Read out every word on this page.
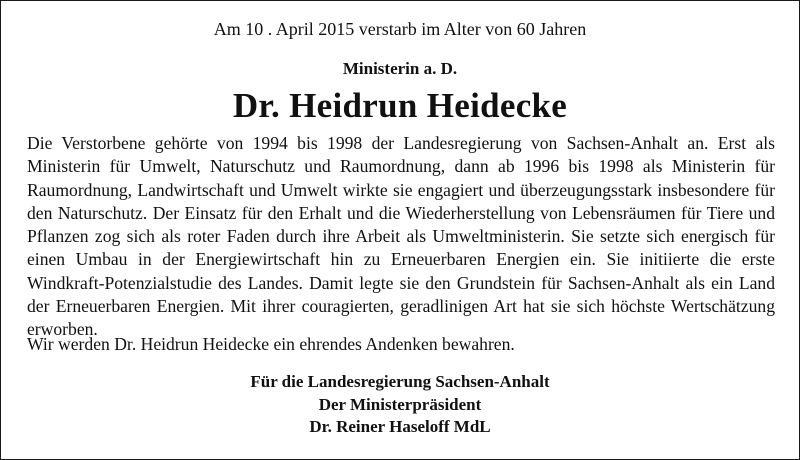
Am 10 . April 2015 verstarb im Alter von 60 Jahren
Ministerin a. D.
Dr. Heidrun Heidecke
Die Verstorbene gehörte von 1994 bis 1998 der Landesregierung von Sachsen-Anhalt an. Erst als Ministerin für Umwelt, Naturschutz und Raumordnung, dann ab 1996 bis 1998 als Ministerin für Raumordnung, Landwirtschaft und Umwelt wirkte sie engagiert und überzeugungsstark insbesondere für den Naturschutz. Der Einsatz für den Erhalt und die Wiederherstellung von Lebensräumen für Tiere und Pflanzen zog sich als roter Faden durch ihre Arbeit als Umweltministerin. Sie setzte sich energisch für einen Umbau in der Energiewirtschaft hin zu Erneuerbaren Energien ein. Sie initiierte die erste Windkraft-Potenzialstudie des Landes. Damit legte sie den Grundstein für Sachsen-Anhalt als ein Land der Erneuerbaren Energien. Mit ihrer couragierten, geradlinigen Art hat sie sich höchste Wertschätzung erworben.
Wir werden Dr. Heidrun Heidecke ein ehrendes Andenken bewahren.
Für die Landesregierung Sachsen-Anhalt
Der Ministerpräsident
Dr. Reiner Haseloff MdL
